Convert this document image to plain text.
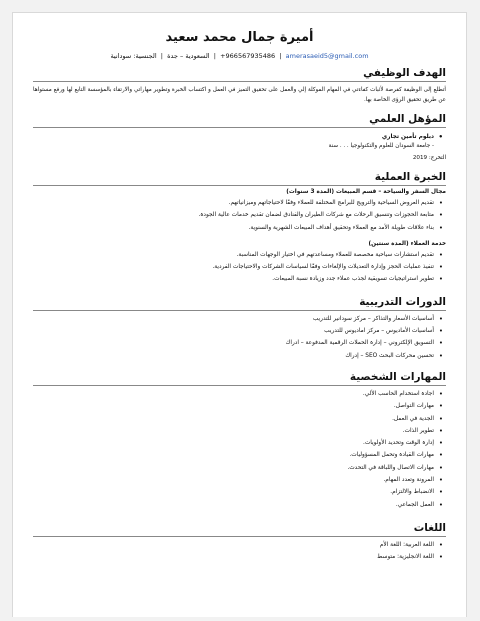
أميرة جمال محمد سعيد
+966567935486  |  amerasaeid5@gmail.com  |  السعودية – جدة  |  الجنسية: سودانية
الهدف الوظيفي
أتطلع إلى الوظيفة كفرصة لأثبات كفاءتي في المهام الموكلة إلي والعمل على تحقيق التميز في العمل و اكتساب الخبرة وتطوير مهاراتي والارتقاء بالمؤسسة التابع لها ورفع مستواها عن طريق تحقيق الرؤى الخاصة بها.
المؤهل العلمي
• دبلوم تأمين تجاري
- جامعة السودان للعلوم والتكنولوجيا . . . سنة
التخرج: 2019
الخبرة العملية
مجال السفر والسياحة – قسم المبيعات (المدة 3 سنوات)
• تقديم العروض السياحية والترويج للبرامج المختلفة للعملاء وفقًا لاحتياجاتهم وميزانياتهم.
• متابعة الحجوزات وتنسيق الرحلات مع شركات الطيران والفنادق لضمان تقديم خدمات عالية الجودة.
• بناء علاقات طويلة الأمد مع العملاء وتحقيق أهداف المبيعات الشهرية والسنوية.
خدمة العملاء (المدة سنتين)
• تقديم استشارات سياحية مخصصة للعملاء ومساعدتهم في اختيار الوجهات المناسبة.
• تنفيذ عمليات الحجز وإدارة التعديلات والإلغاءات وفقًا لسياسات الشركات والاحتياجات الفردية.
• تطوير استراتيجيات تسويقية لجذب عملاء جدد وزيادة نسبة المبيعات.
الدورات التدريبية
• أساسيات الأسعار والتذاكر – مركز سودانير للتدريب
• أساسيات الأماديوس – مركز اماديوس للتدريب
• التسويق الإلكتروني – إدارة الحملات الرقمية المدفوعة – ادراك
• تحسين محركات البحث SEO – إدراك
المهارات الشخصية
• اجادة استخدام الحاسب الألي.
• مهارات التواصل.
• الجدية في العمل.
• تطوير الذات.
• إدارة الوقت وتحديد الأولويات.
• مهارات القيادة وتحمل المسؤوليات.
• مهارات الاتصال واللباقة في التحدث.
• المرونة وتعدد المهام.
• الانضباط والالتزام.
• العمل الجماعي.
اللغات
• اللغة العربية: اللغة الأم
• اللغة الانجليزية: متوسط
